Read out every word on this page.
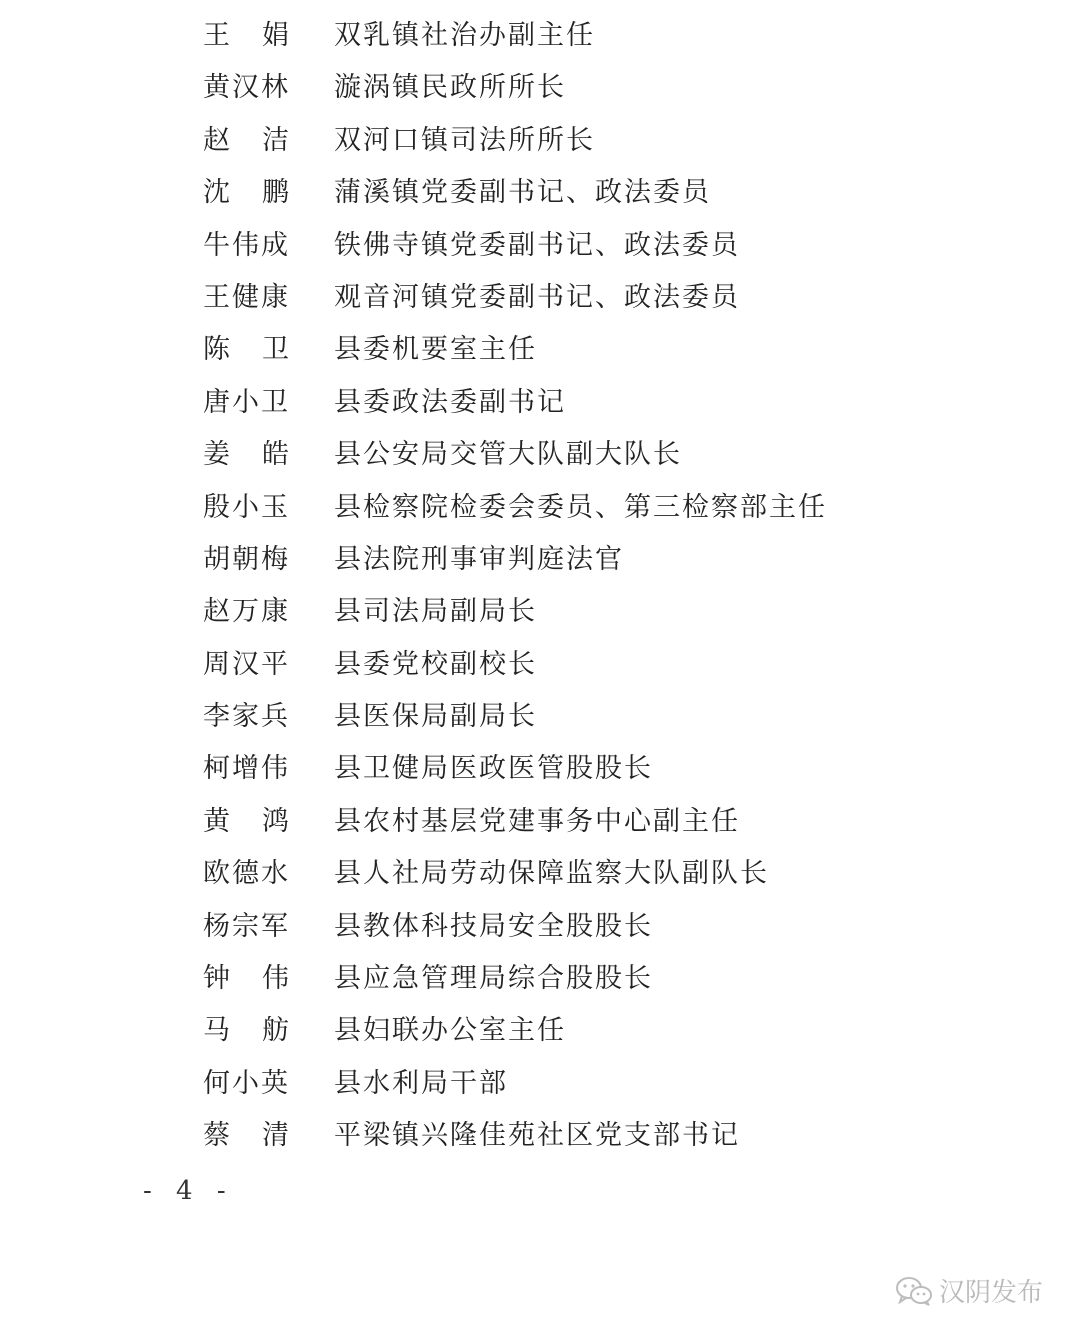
王 娟 双乳镇社治办副主任
黄汉林 漩涡镇民政所所长
赵 洁 双河口镇司法所所长
沈 鹏 蒲溪镇党委副书记、政法委员
牛伟成 铁佛寺镇党委副书记、政法委员
王健康 观音河镇党委副书记、政法委员
陈 卫 县委机要室主任
唐小卫 县委政法委副书记
姜 皓 县公安局交管大队副大队长
殷小玉 县检察院检委会委员、第三检察部主任
胡朝梅 县法院刑事审判庭法官
赵万康 县司法局副局长
周汉平 县委党校副校长
李家兵 县医保局副局长
柯增伟 县卫健局医政医管股股长
黄 鸿 县农村基层党建事务中心副主任
欧德水 县人社局劳动保障监察大队副队长
杨宗军 县教体科技局安全股股长
钟 伟 县应急管理局综合股股长
马 舫 县妇联办公室主任
何小英 县水利局干部
蔡 清 平梁镇兴隆佳苑社区党支部书记
- 4 -
汉阴发布
